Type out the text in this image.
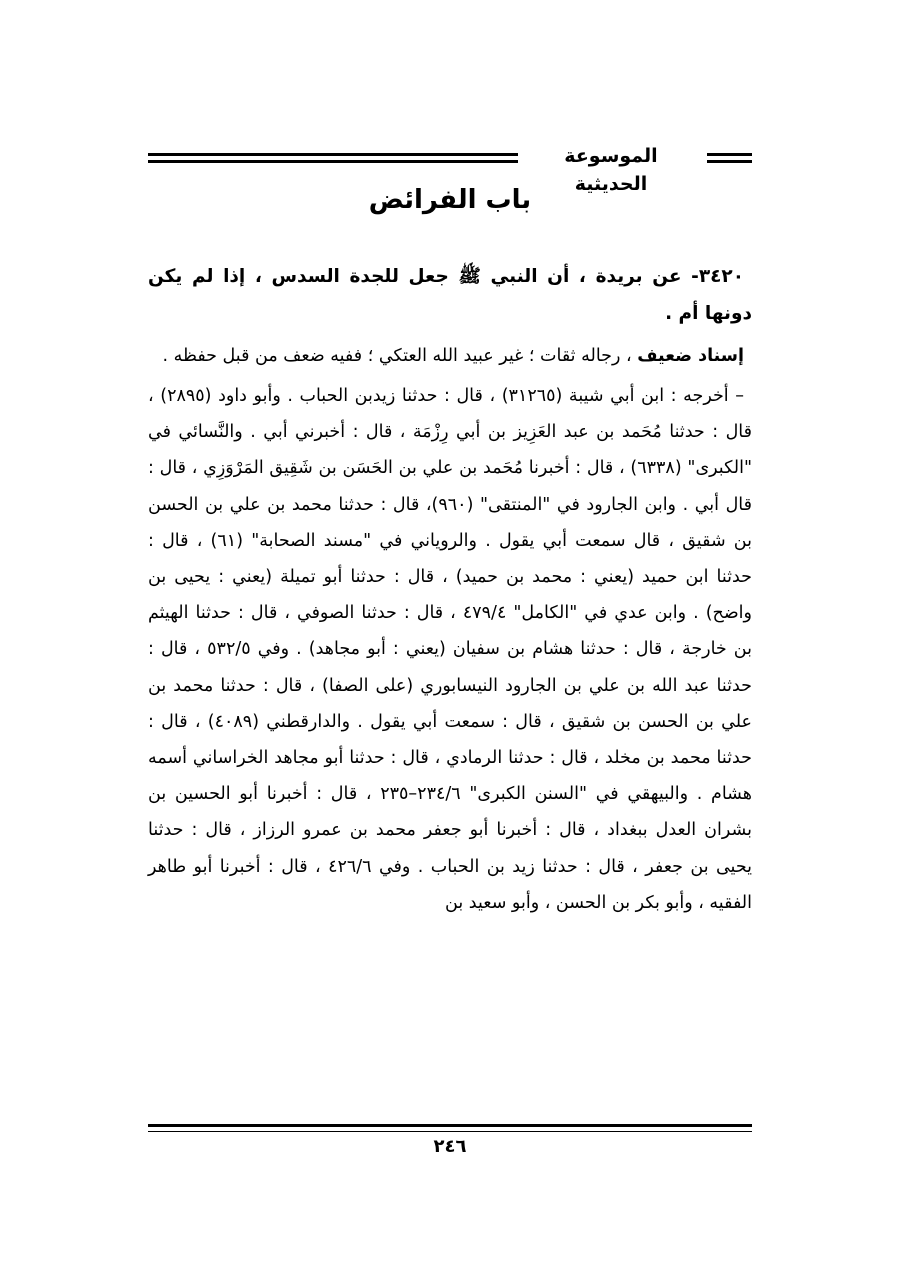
الموسوعة الحديثية
باب الفرائض

٣٤٢٠- عن بريدة ، أن النبي ﷺ جعل للجدة السدس ، إذا لم يكن دونها أم .

إسناد ضعيف ، رجاله ثقات ؛ غير عبيد الله العتكي ؛ ففيه ضعف من قبل حفظه .

– أخرجه : ابن أبي شيبة (٣١٢٦٥) ، قال : حدثنا زيدبن الحباب . وأبو داود (٢٨٩٥) ، قال : حدثنا مُحَمد بن عبد العَزِيز بن أبي رِزْمَة ، قال : أخبرني أبي . والنَّسائي في "الكبرى" (٦٣٣٨) ، قال : أخبرنا مُحَمد بن علي بن الحَسَن بن شَقِيق المَرْوَزِي ، قال : قال أبي . وابن الجارود في "المنتقى" (٩٦٠)، قال : حدثنا محمد بن علي بن الحسن بن شقيق ، قال سمعت أبي يقول . والروياني في "مسند الصحابة" (٦١) ، قال : حدثنا ابن حميد (يعني : محمد بن حميد) ، قال : حدثنا أبو تميلة (يعني : يحيى بن واضح) . وابن عدي في "الكامل" ٤٧٩/٤ ، قال : حدثنا الصوفي ، قال : حدثنا الهيثم بن خارجة ، قال : حدثنا هشام بن سفيان (يعني : أبو مجاهد) . وفي ٥٣٢/٥ ، قال : حدثنا عبد الله بن علي بن الجارود النيسابوري (على الصفا) ، قال : حدثنا محمد بن علي بن الحسن بن شقيق ، قال : سمعت أبي يقول . والدارقطني (٤٠٨٩) ، قال : حدثنا محمد بن مخلد ، قال : حدثنا الرمادي ، قال : حدثنا أبو مجاهد الخراساني أسمه هشام . والبيهقي في "السنن الكبرى" ٢٣٤/٦–٢٣٥ ، قال : أخبرنا أبو الحسين بن بشران العدل ببغداد ، قال : أخبرنا أبو جعفر محمد بن عمرو الرزاز ، قال : حدثنا يحيى بن جعفر ، قال : حدثنا زيد بن الحباب . وفي ٤٢٦/٦ ، قال : أخبرنا أبو طاهر الفقيه ، وأبو بكر بن الحسن ، وأبو سعيد بن

٢٤٦
